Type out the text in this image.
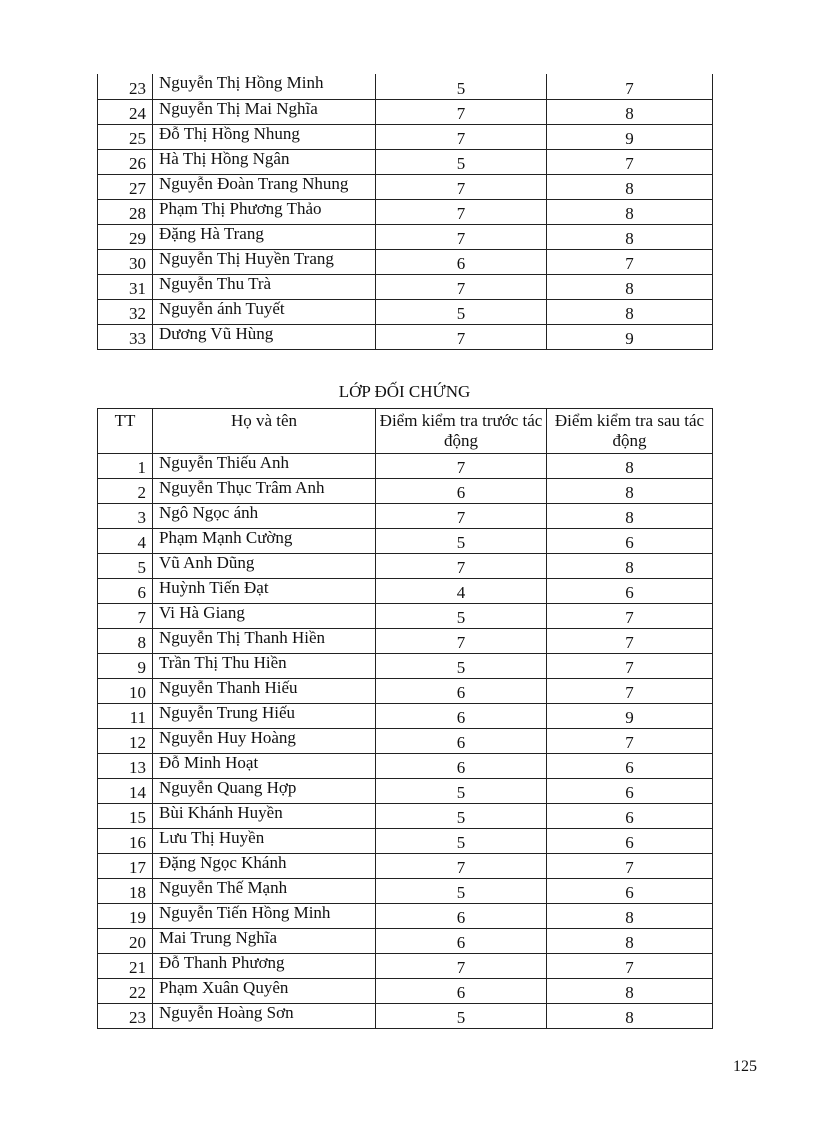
23	Nguyễn Thị Hồng Minh	5	7
24	Nguyễn Thị Mai Nghĩa	7	8
25	Đỗ Thị Hồng Nhung	7	9
26	Hà Thị Hồng Ngân	5	7
27	Nguyễn Đoàn Trang Nhung	7	8
28	Phạm Thị Phương Thảo	7	8
29	Đặng Hà Trang	7	8
30	Nguyễn Thị Huyền Trang	6	7
31	Nguyễn Thu Trà	7	8
32	Nguyễn ánh Tuyết	5	8
33	Dương Vũ Hùng	7	9
LỚP ĐỐI CHỨNG
TT	Họ và tên	Điểm kiểm tra trước tác động	Điểm kiểm tra sau tác động
1	Nguyễn Thiếu Anh	7	8
2	Nguyễn Thục Trâm Anh	6	8
3	Ngô Ngọc ánh	7	8
4	Phạm Mạnh Cường	5	6
5	Vũ Anh Dũng	7	8
6	Huỳnh Tiến Đạt	4	6
7	Vi Hà Giang	5	7
8	Nguyễn Thị Thanh Hiền	7	7
9	Trần Thị Thu Hiền	5	7
10	Nguyễn Thanh Hiếu	6	7
11	Nguyễn Trung Hiếu	6	9
12	Nguyễn Huy Hoàng	6	7
13	Đỗ Minh Hoạt	6	6
14	Nguyễn Quang Hợp	5	6
15	Bùi Khánh Huyền	5	6
16	Lưu Thị Huyền	5	6
17	Đặng Ngọc Khánh	7	7
18	Nguyễn Thế Mạnh	5	6
19	Nguyễn Tiến Hồng Minh	6	8
20	Mai Trung Nghĩa	6	8
21	Đỗ Thanh Phương	7	7
22	Phạm Xuân Quyên	6	8
23	Nguyễn Hoàng Sơn	5	8
125
